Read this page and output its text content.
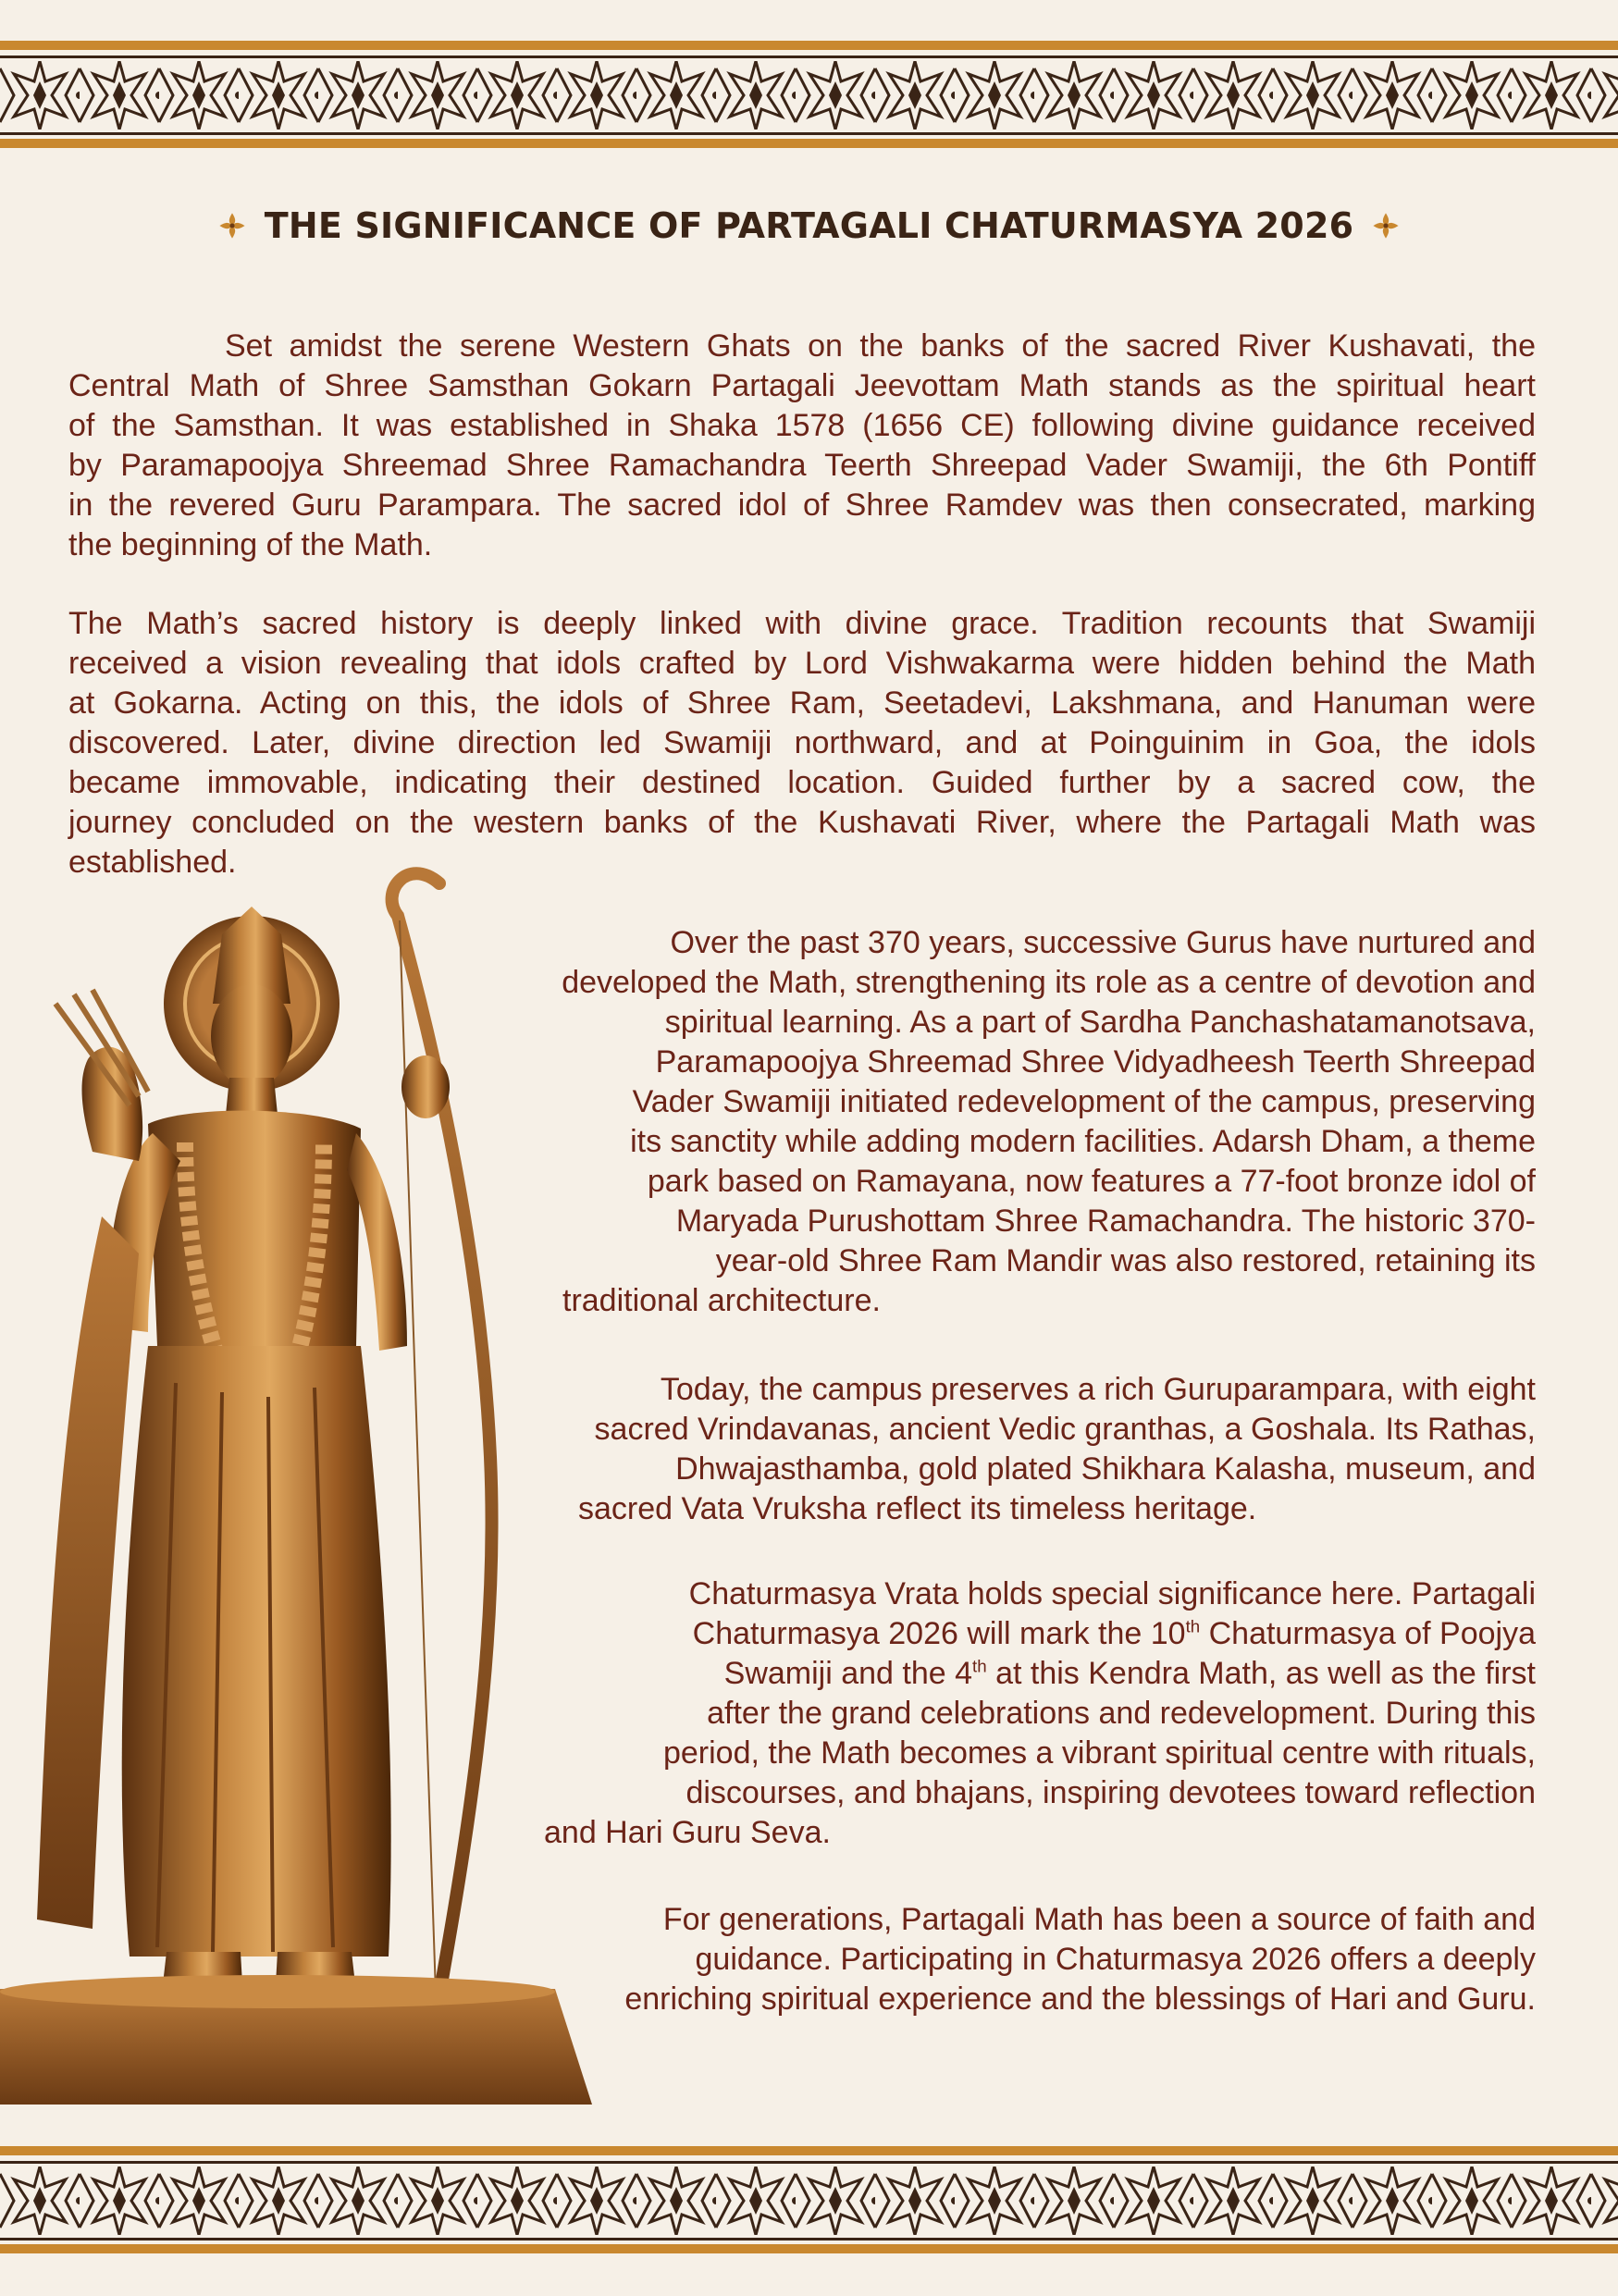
THE SIGNIFICANCE OF PARTAGALI CHATURMASYA 2026

Set amidst the serene Western Ghats on the banks of the sacred River Kushavati, the
Central Math of Shree Samsthan Gokarn Partagali Jeevottam Math stands as the spiritual heart
of the Samsthan. It was established in Shaka 1578 (1656 CE) following divine guidance received
by Paramapoojya Shreemad Shree Ramachandra Teerth Shreepad Vader Swamiji, the 6th Pontiff
in the revered Guru Parampara. The sacred idol of Shree Ramdev was then consecrated, marking
the beginning of the Math.

The Math’s sacred history is deeply linked with divine grace. Tradition recounts that Swamiji
received a vision revealing that idols crafted by Lord Vishwakarma were hidden behind the Math
at Gokarna. Acting on this, the idols of Shree Ram, Seetadevi, Lakshmana, and Hanuman were
discovered. Later, divine direction led Swamiji northward, and at Poinguinim in Goa, the idols
became immovable, indicating their destined location. Guided further by a sacred cow, the
journey concluded on the western banks of the Kushavati River, where the Partagali Math was
established.

Over the past 370 years, successive Gurus have nurtured and
developed the Math, strengthening its role as a centre of devotion and
spiritual learning. As a part of Sardha Panchashatamanotsava,
Paramapoojya Shreemad Shree Vidyadheesh Teerth Shreepad
Vader Swamiji initiated redevelopment of the campus, preserving
its sanctity while adding modern facilities. Adarsh Dham, a theme
park based on Ramayana, now features a 77-foot bronze idol of
Maryada Purushottam Shree Ramachandra. The historic 370-
year-old Shree Ram Mandir was also restored, retaining its
traditional architecture.

Today, the campus preserves a rich Guruparampara, with eight
sacred Vrindavanas, ancient Vedic granthas, a Goshala. Its Rathas,
Dhwajasthamba, gold plated Shikhara Kalasha, museum, and
sacred Vata Vruksha reflect its timeless heritage.

Chaturmasya Vrata holds special significance here. Partagali
Chaturmasya 2026 will mark the 10th Chaturmasya of Poojya
Swamiji and the 4th at this Kendra Math, as well as the first
after the grand celebrations and redevelopment. During this
period, the Math becomes a vibrant spiritual centre with rituals,
discourses, and bhajans, inspiring devotees toward reflection
and Hari Guru Seva.

For generations, Partagali Math has been a source of faith and
guidance. Participating in Chaturmasya 2026 offers a deeply
enriching spiritual experience and the blessings of Hari and Guru.
